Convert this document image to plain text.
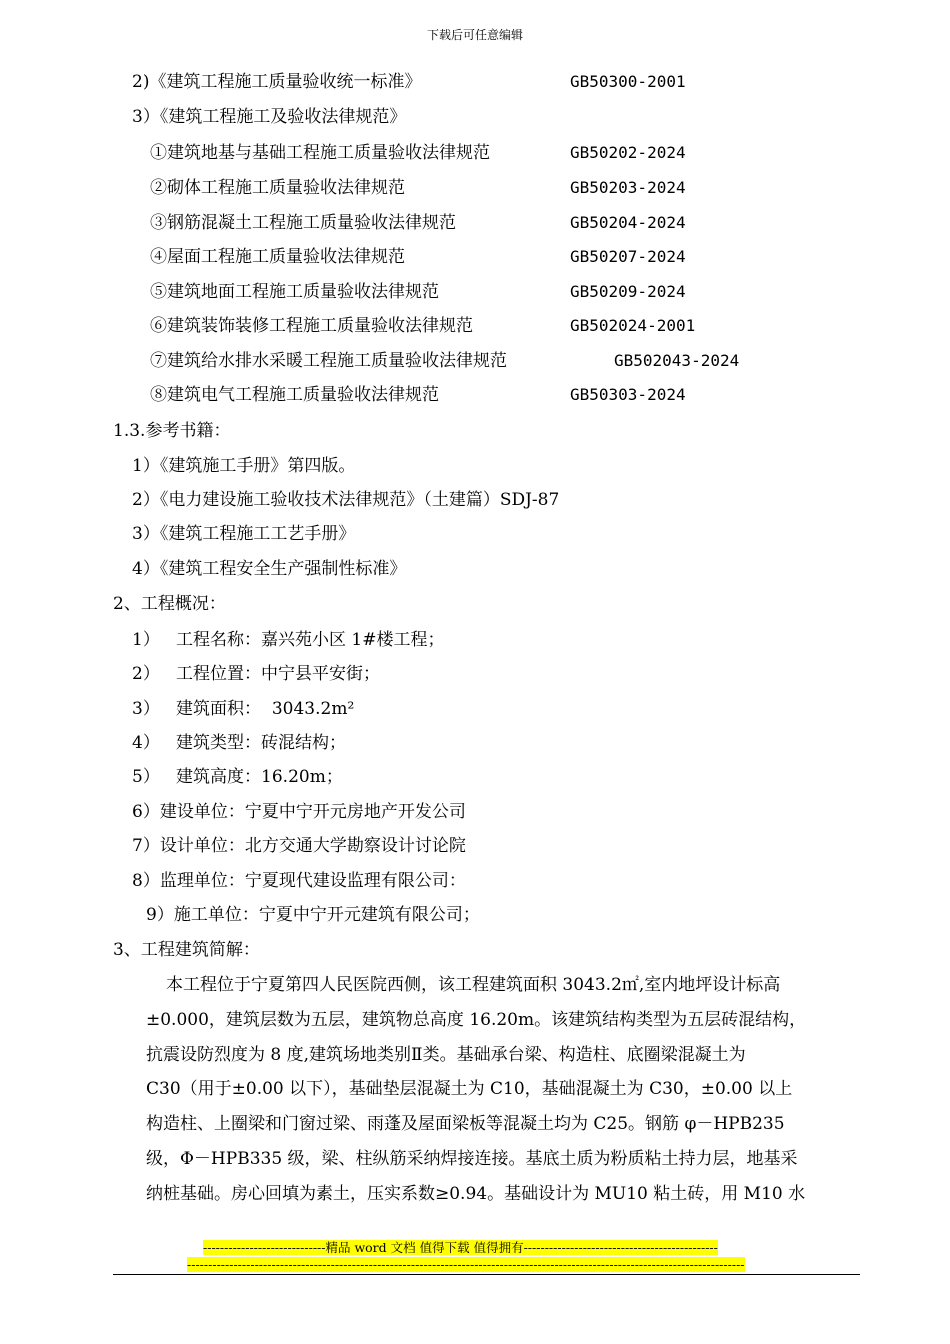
下载后可任意编辑
2)《建筑工程施工质量验收统一标准》	GB50300-2001
3）《建筑工程施工及验收法律规范》
①建筑地基与基础工程施工质量验收法律规范	GB50202-2024
②砌体工程施工质量验收法律规范	GB50203-2024
③钢筋混凝土工程施工质量验收法律规范	GB50204-2024
④屋面工程施工质量验收法律规范	GB50207-2024
⑤建筑地面工程施工质量验收法律规范	GB50209-2024
⑥建筑装饰装修工程施工质量验收法律规范	GB502024-2001
⑦建筑给水排水采暖工程施工质量验收法律规范	GB502043-2024
⑧建筑电气工程施工质量验收法律规范	GB50303-2024
1.3.参考书籍：
1）《建筑施工手册》第四版。
2）《电力建设施工验收技术法律规范》（土建篇）SDJ-87
3）《建筑工程施工工艺手册》
4）《建筑工程安全生产强制性标准》
2、工程概况：
1）   工程名称：嘉兴苑小区 1#楼工程；
2）   工程位置：中宁县平安街；
3）   建筑面积：  3043.2m²
4）   建筑类型：砖混结构；
5）   建筑高度：16.20m；
6）建设单位：宁夏中宁开元房地产开发公司
7）设计单位：北方交通大学勘察设计讨论院
8）监理单位：宁夏现代建设监理有限公司：
9）施工单位：宁夏中宁开元建筑有限公司；
3、工程建筑简解：
本工程位于宁夏第四人民医院西侧，该工程建筑面积 3043.2㎡,室内地坪设计标高
±0.000，建筑层数为五层，建筑物总高度 16.20m。该建筑结构类型为五层砖混结构，
抗震设防烈度为 8 度,建筑场地类别Ⅱ类。基础承台梁、构造柱、底圈梁混凝土为
C30（用于±0.00 以下），基础垫层混凝土为 C10，基础混凝土为 C30，±0.00 以上
构造柱、上圈梁和门窗过梁、雨蓬及屋面梁板等混凝土均为 C25。钢筋 φ－HPB235
级，Φ－HPB335 级，梁、柱纵筋采纳焊接连接。基底土质为粉质粘土持力层，地基采
纳桩基础。房心回填为素土，压实系数≥0.94。基础设计为 MU10 粘土砖，用 M10 水
-----------------------------精品 word 文档 值得下载 值得拥有----------------------------------------------
------------------------------------------------------------------------------------------------------------------------------------
